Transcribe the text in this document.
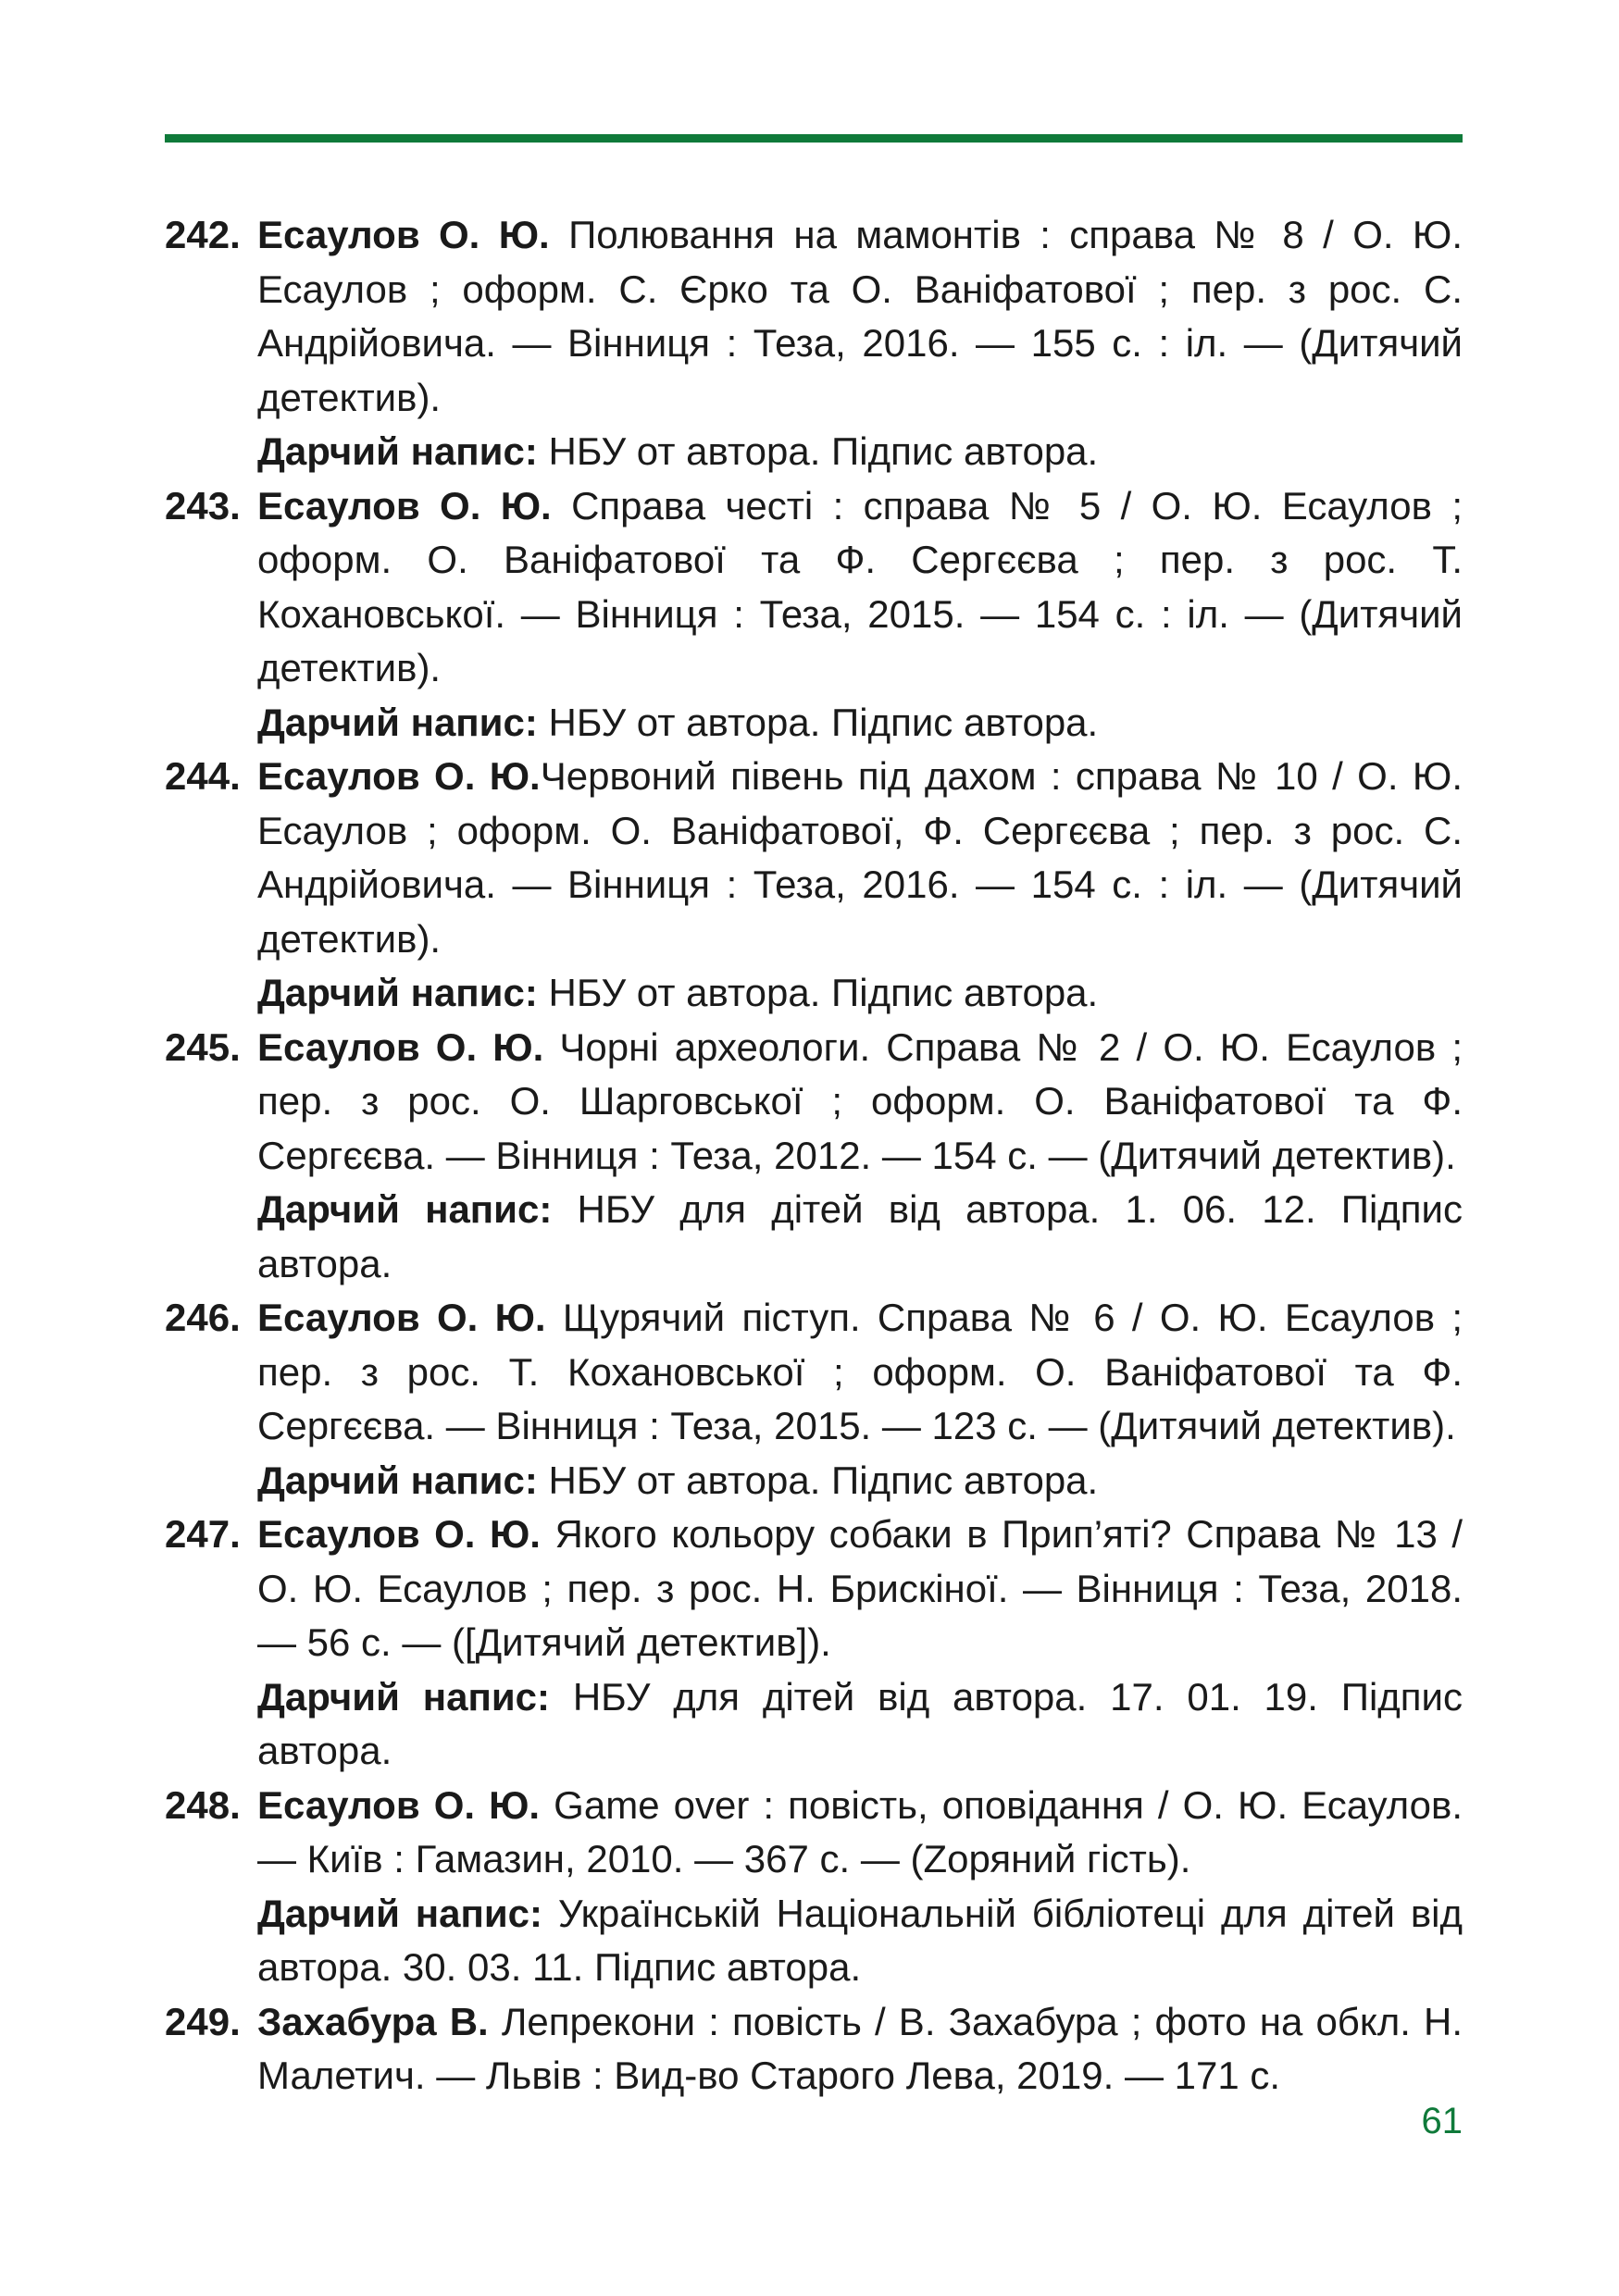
242. Есаулов О. Ю. Полювання на мамонтів : справа № 8 / О. Ю. Есаулов ; оформ. С. Єрко та О. Ваніфатової ; пер. з рос. С. Андрійовича. — Вінниця : Теза, 2016. — 155 с. : іл. — (Дитячий детектив).
Дарчий напис: НБУ от автора. Підпис автора.
243. Есаулов О. Ю. Справа честі : справа № 5 / О. Ю. Есаулов ; оформ. О. Ваніфатової та Ф. Сергєєва ; пер. з рос. Т. Кохановської. — Вінниця : Теза, 2015. — 154 с. : іл. — (Дитячий детектив).
Дарчий напис: НБУ от автора. Підпис автора.
244. Есаулов О. Ю.Червоний півень під дахом : справа № 10 / О. Ю. Есаулов ; оформ. О. Ваніфатової, Ф. Сергєєва ; пер. з рос. С. Андрійовича. — Вінниця : Теза, 2016. — 154 с. : іл. — (Дитячий детектив).
Дарчий напис: НБУ от автора. Підпис автора.
245. Есаулов О. Ю. Чорні археологи. Справа № 2 / О. Ю. Есаулов ; пер. з рос. О. Шарговської ; оформ. О. Ваніфатової та Ф. Сергєєва. — Вінниця : Теза, 2012. — 154 с. — (Дитячий детектив).
Дарчий напис: НБУ для дітей від автора. 1. 06. 12. Підпис автора.
246. Есаулов О. Ю. Щурячий піступ. Справа № 6 / О. Ю. Есаулов ; пер. з рос. Т. Кохановської ; оформ. О. Ваніфатової та Ф. Сергєєва. — Вінниця : Теза, 2015. — 123 с. — (Дитячий детектив).
Дарчий напис: НБУ от автора. Підпис автора.
247. Есаулов О. Ю. Якого кольору собаки в Прип’яті? Справа № 13 / О. Ю. Есаулов ; пер. з рос. Н. Брискіної. — Вінниця : Теза, 2018. — 56 с. — ([Дитячий детектив]).
Дарчий напис: НБУ для дітей від автора. 17. 01. 19. Підпис автора.
248. Есаулов О. Ю. Game over : повість, оповідання / О. Ю. Есаулов. — Київ : Гамазин, 2010. — 367 с. — (Zоряний гість).
Дарчий напис: Українській Національній бібліотеці для дітей від автора. 30. 03. 11. Підпис автора.
249. Захабура В. Лепрекони : повість / В. Захабура ; фото на обкл. Н. Малетич. — Львів : Вид-во Старого Лева, 2019. — 171 с.
61
